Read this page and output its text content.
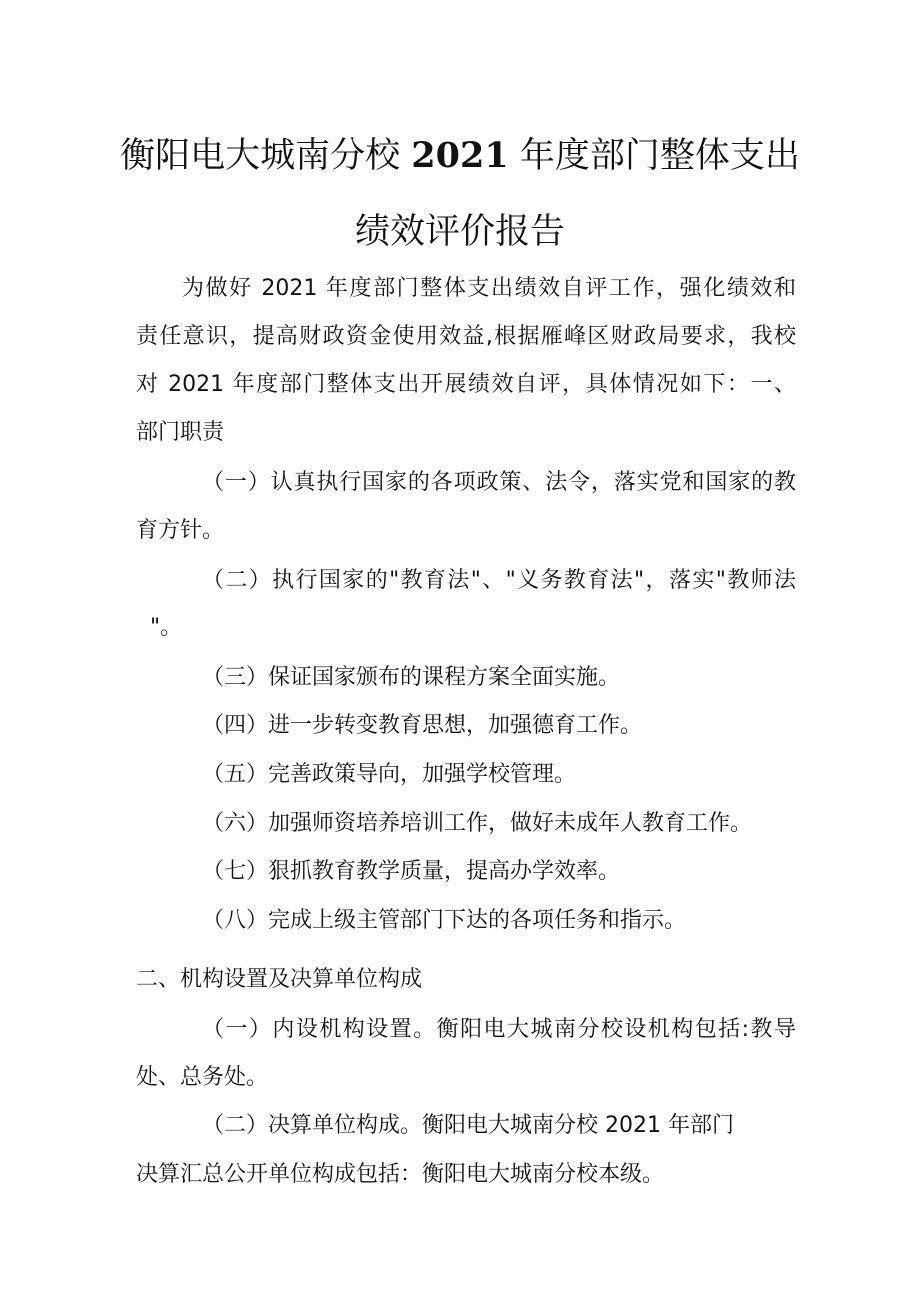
衡阳电大城南分校 2021 年度部门整体支出
绩效评价报告
为做好 2021 年度部门整体支出绩效自评工作，强化绩效和
责任意识，提高财政资金使用效益,根据雁峰区财政局要求，我校
对 2021 年度部门整体支出开展绩效自评，具体情况如下：一、
部门职责
（一）认真执行国家的各项政策、法令，落实党和国家的教
育方针。
（二）执行国家的"教育法"、"义务教育法"，落实"教师法
"。
（三）保证国家颁布的课程方案全面实施。
（四）进一步转变教育思想，加强德育工作。
（五）完善政策导向，加强学校管理。
（六）加强师资培养培训工作，做好未成年人教育工作。
（七）狠抓教育教学质量，提高办学效率。
（八）完成上级主管部门下达的各项任务和指示。
二、机构设置及决算单位构成
（一）内设机构设置。衡阳电大城南分校设机构包括:教导
处、总务处。
（二）决算单位构成。衡阳电大城南分校 2021 年部门
决算汇总公开单位构成包括：衡阳电大城南分校本级。
